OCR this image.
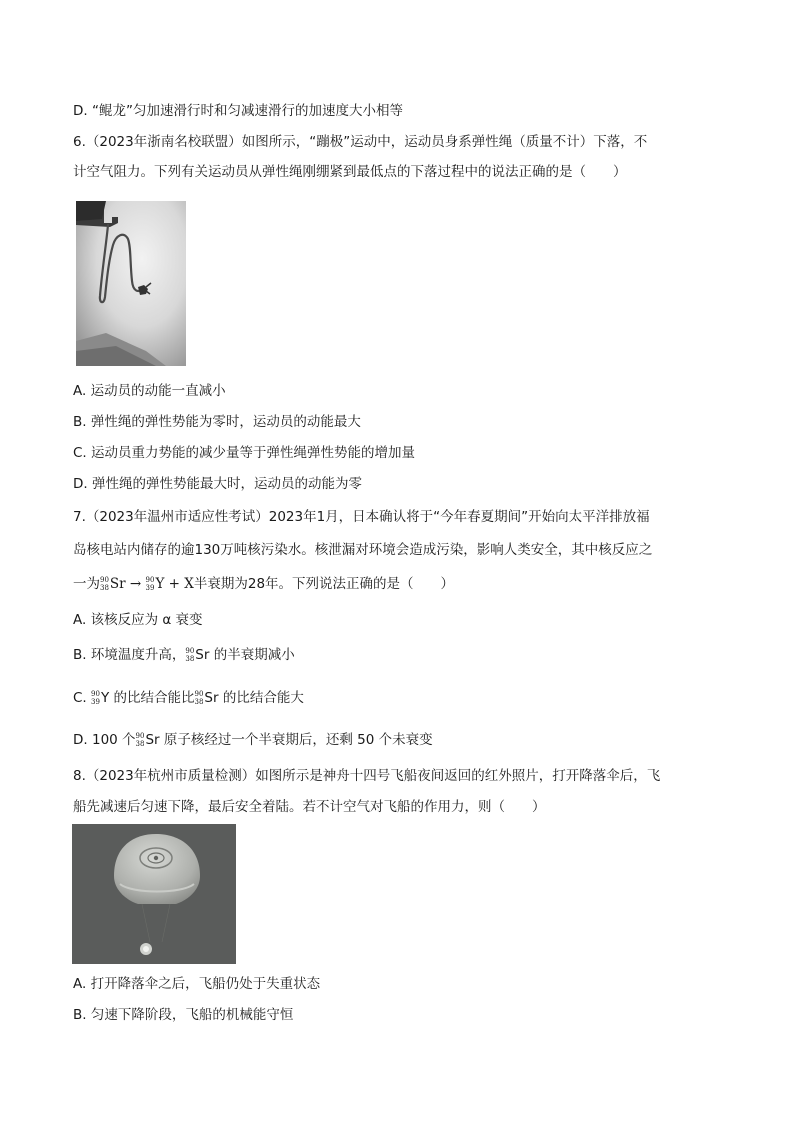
D. “鲲龙”匀加速滑行时和匀减速滑行的加速度大小相等
6.（2023年浙南名校联盟）如图所示，“蹦极”运动中，运动员身系弹性绳（质量不计）下落，不
计空气阻力。下列有关运动员从弹性绳刚绷紧到最低点的下落过程中的说法正确的是（　　）
A. 运动员的动能一直减小
B. 弹性绳的弹性势能为零时，运动员的动能最大
C. 运动员重力势能的减少量等于弹性绳弹性势能的增加量
D. 弹性绳的弹性势能最大时，运动员的动能为零
7.（2023年温州市适应性考试）2023年1月，日本确认将于“今年春夏期间”开始向太平洋排放福
岛核电站内储存的逾130万吨核污染水。核泄漏对环境会造成污染，影响人类安全，其中核反应之
一为 90
38 Sr → 90
39 Y + X半衰期为28年。下列说法正确的是（　　）
A. 该核反应为 α 衰变
B. 环境温度升高， 90
38 Sr 的半衰期减小
C. 90
39 Y 的比结合能比 90
38 Sr 的比结合能大
D. 100 个 90
38 Sr 原子核经过一个半衰期后，还剩 50 个未衰变
8.（2023年杭州市质量检测）如图所示是神舟十四号飞船夜间返回的红外照片，打开降落伞后，飞
船先减速后匀速下降，最后安全着陆。若不计空气对飞船的作用力，则（　　）
A. 打开降落伞之后，飞船仍处于失重状态
B. 匀速下降阶段，飞船的机械能守恒
